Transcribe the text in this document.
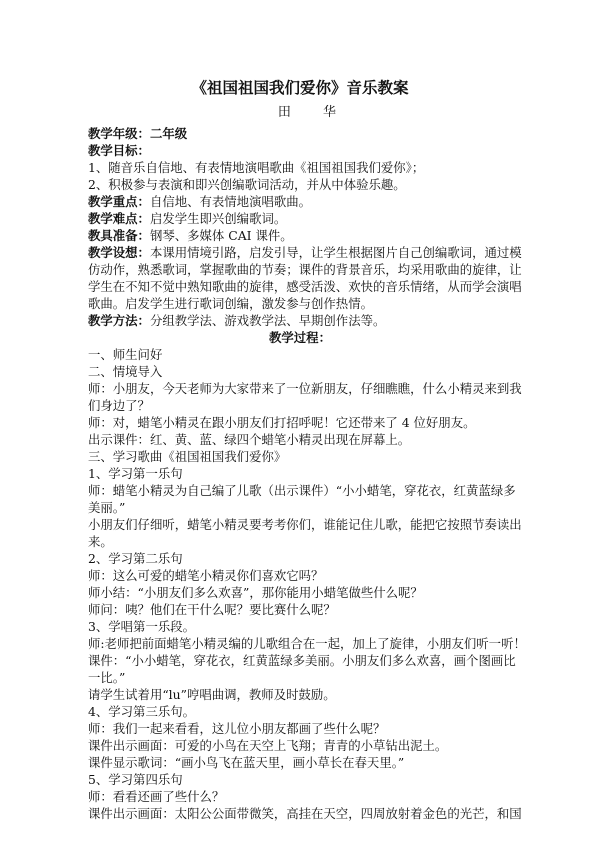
《祖国祖国我们爱你》音乐教案
田 华
教学年级：二年级
教学目标：
1、随音乐自信地、有表情地演唱歌曲《祖国祖国我们爱你》；
2、积极参与表演和即兴创编歌词活动，并从中体验乐趣。
教学重点：自信地、有表情地演唱歌曲。
教学难点：启发学生即兴创编歌词。
教具准备：钢琴、多媒体 CAI 课件。
教学设想：本课用情境引路，启发引导，让学生根据图片自己创编歌词，通过模
仿动作，熟悉歌词，掌握歌曲的节奏；课件的背景音乐，均采用歌曲的旋律，让
学生在不知不觉中熟知歌曲的旋律，感受活泼、欢快的音乐情绪，从而学会演唱
歌曲。启发学生进行歌词创编，激发参与创作热情。
教学方法：分组教学法、游戏教学法、早期创作法等。
教学过程：
一、师生问好
二、情境导入
师：小朋友，今天老师为大家带来了一位新朋友，仔细瞧瞧，什么小精灵来到我
们身边了？
师：对，蜡笔小精灵在跟小朋友们打招呼呢！它还带来了 4 位好朋友。
出示课件：红、黄、蓝、绿四个蜡笔小精灵出现在屏幕上。
三、学习歌曲《祖国祖国我们爱你》
1、学习第一乐句
师：蜡笔小精灵为自己编了儿歌（出示课件）“小小蜡笔，穿花衣，红黄蓝绿多
美丽。”
小朋友们仔细听，蜡笔小精灵要考考你们，谁能记住儿歌，能把它按照节奏读出
来。
2、学习第二乐句
师：这么可爱的蜡笔小精灵你们喜欢它吗？
师小结：“小朋友们多么欢喜”，那你能用小蜡笔做些什么呢？
师问：咦？他们在干什么呢？要比赛什么呢？
3、学唱第一乐段。
师:老师把前面蜡笔小精灵编的儿歌组合在一起，加上了旋律，小朋友们听一听！
课件：“小小蜡笔，穿花衣，红黄蓝绿多美丽。小朋友们多么欢喜，画个图画比
一比。”
请学生试着用“lu”哼唱曲调，教师及时鼓励。
4、学习第三乐句。
师：我们一起来看看，这儿位小朋友都画了些什么呢？
课件出示画面：可爱的小鸟在天空上飞翔；青青的小草钻出泥土。
课件显示歌词：“画小鸟飞在蓝天里，画小草长在春天里。”
5、学习第四乐句
师：看看还画了些什么？
课件出示画面：太阳公公面带微笑，高挂在天空，四周放射着金色的光芒，和国
